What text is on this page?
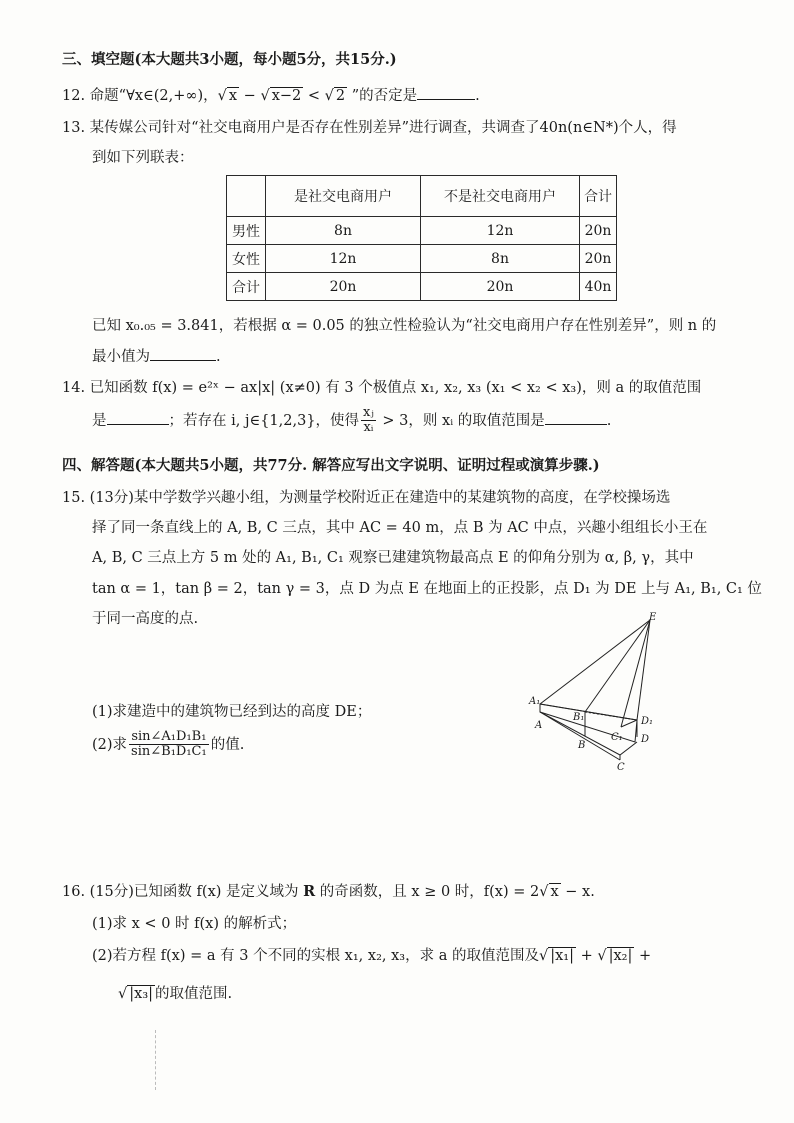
三、填空题(本大题共3小题，每小题5分，共15分.)
12. 命题“∀x∈(2,+∞)，√ x − √ x−2 < √ 2 ”的否定是	.
13. 某传媒公司针对“社交电商用户是否存在性别差异”进行调查，共调查了40n(n∈N*)个人，得
到如下列联表：
	是社交电商用户	不是社交电商用户	合计
男性	8n	12n	20n
女性	12n	8n	20n
合计	20n	20n	40n
已知 x₀.₀₅ = 3.841，若根据 α = 0.05 的独立性检验认为“社交电商用户存在性别差异”，则 n 的
最小值为	.
14. 已知函数 f(x) = e²ˣ − ax|x| (x≠0) 有 3 个极值点 x₁, x₂, x₃ (x₁ < x₂ < x₃)，则 a 的取值范围
是	；若存在 i, j∈{1,2,3}，使得 $\frac{\text{xⱼ}}{\text{xᵢ}} > 3$，则 xᵢ 的取值范围是	.
四、解答题(本大题共5小题，共77分. 解答应写出文字说明、证明过程或演算步骤.)
15. (13分)某中学数学兴趣小组，为测量学校附近正在建造中的某建筑物的高度，在学校操场选
择了同一条直线上的 A, B, C 三点，其中 AC = 40 m，点 B 为 AC 中点，兴趣小组组长小王在
A, B, C 三点上方 5 m 处的 A₁, B₁, C₁ 观察已建建筑物最高点 E 的仰角分别为 α, β, γ，其中
tan α = 1，tan β = 2，tan γ = 3，点 D 为点 E 在地面上的正投影，点 D₁ 为 DE 上与 A₁, B₁, C₁ 位
于同一高度的点.
(1)求建造中的建筑物已经到达的高度 DE；
(2)求 $\frac{\text{sin∠A₁D₁B₁}}{\text{sin∠B₁D₁C₁}}$ 的值.
E
A₁
A
B₁
B
C₁
C
D₁
D
16. (15分)已知函数 f(x) 是定义域为 R 的奇函数，且 x ≥ 0 时，f(x) = 2√ x − x.
(1)求 x < 0 时 f(x) 的解析式；
(2)若方程 f(x) = a 有 3 个不同的实根 x₁, x₂, x₃，求 a 的取值范围及√ |x₁| + √ |x₂| +
√ |x₃| 的取值范围.
